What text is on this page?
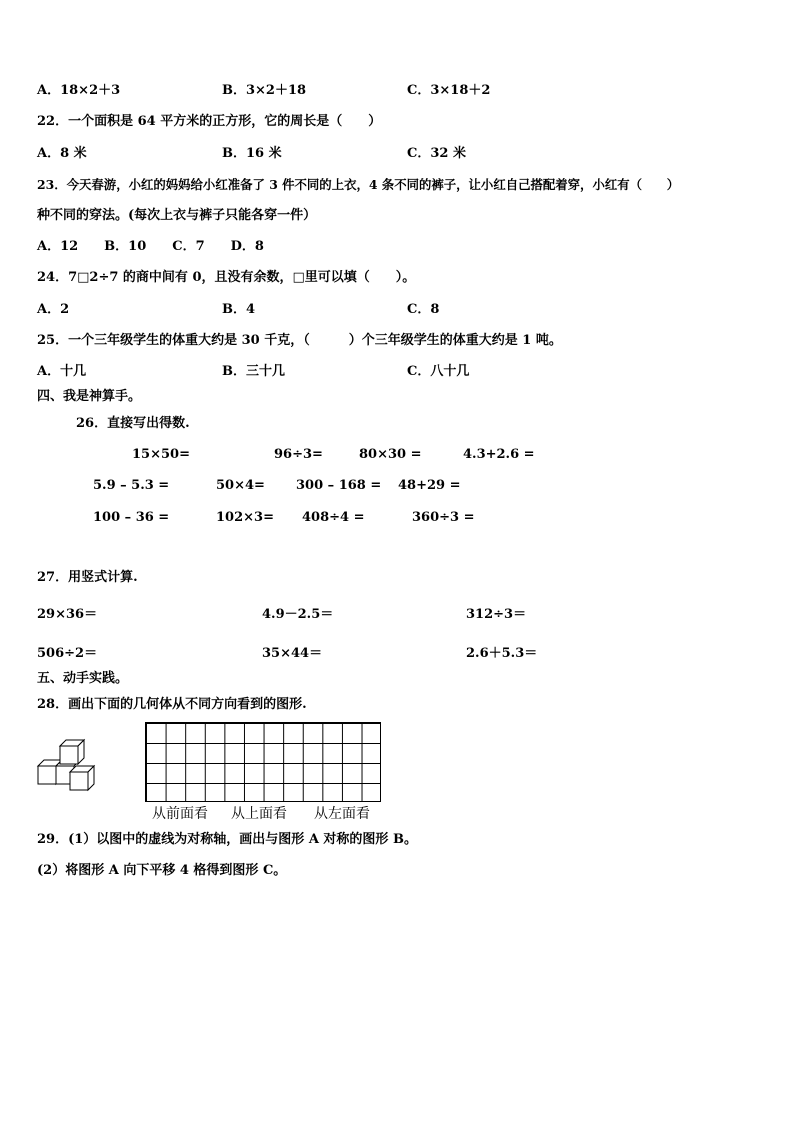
A．18×2＋3	B．3×2＋18	C．3×18＋2
22．一个面积是 64 平方米的正方形，它的周长是（　　）
A．8 米	B．16 米	C．32 米
23．今天春游，小红的妈妈给小红准备了 3 件不同的上衣，4 条不同的裤子，让小红自己搭配着穿，小红有（　　）
种不同的穿法。(每次上衣与裤子只能各穿一件）
A．12　　B．10　　C．7　　D．8
24．7□2÷7 的商中间有 0，且没有余数，□里可以填（　　）。
A．2	B．4	C．8
25．一个三年级学生的体重大约是 30 千克，（　　　）个三年级学生的体重大约是 1 吨。
A．十几	B．三十几	C．八十几
四、我是神算手。
26．直接写出得数.
15×50=	96÷3=	80×30 =	4.3+2.6 =
5.9 – 5.3 =	50×4= 300 – 168 = 48+29 =
100 – 36 =	102×3= 408÷4 =	360÷3 =
27．用竖式计算.
29×36＝	4.9－2.5＝	312÷3＝
506÷2＝	35×44＝	2.6＋5.3＝
五、动手实践。
28．画出下面的几何体从不同方向看到的图形.
从前面看 从上面看 从左面看
29．(1）以图中的虚线为对称轴，画出与图形 A 对称的图形 B。
(2）将图形 A 向下平移 4 格得到图形 C。
